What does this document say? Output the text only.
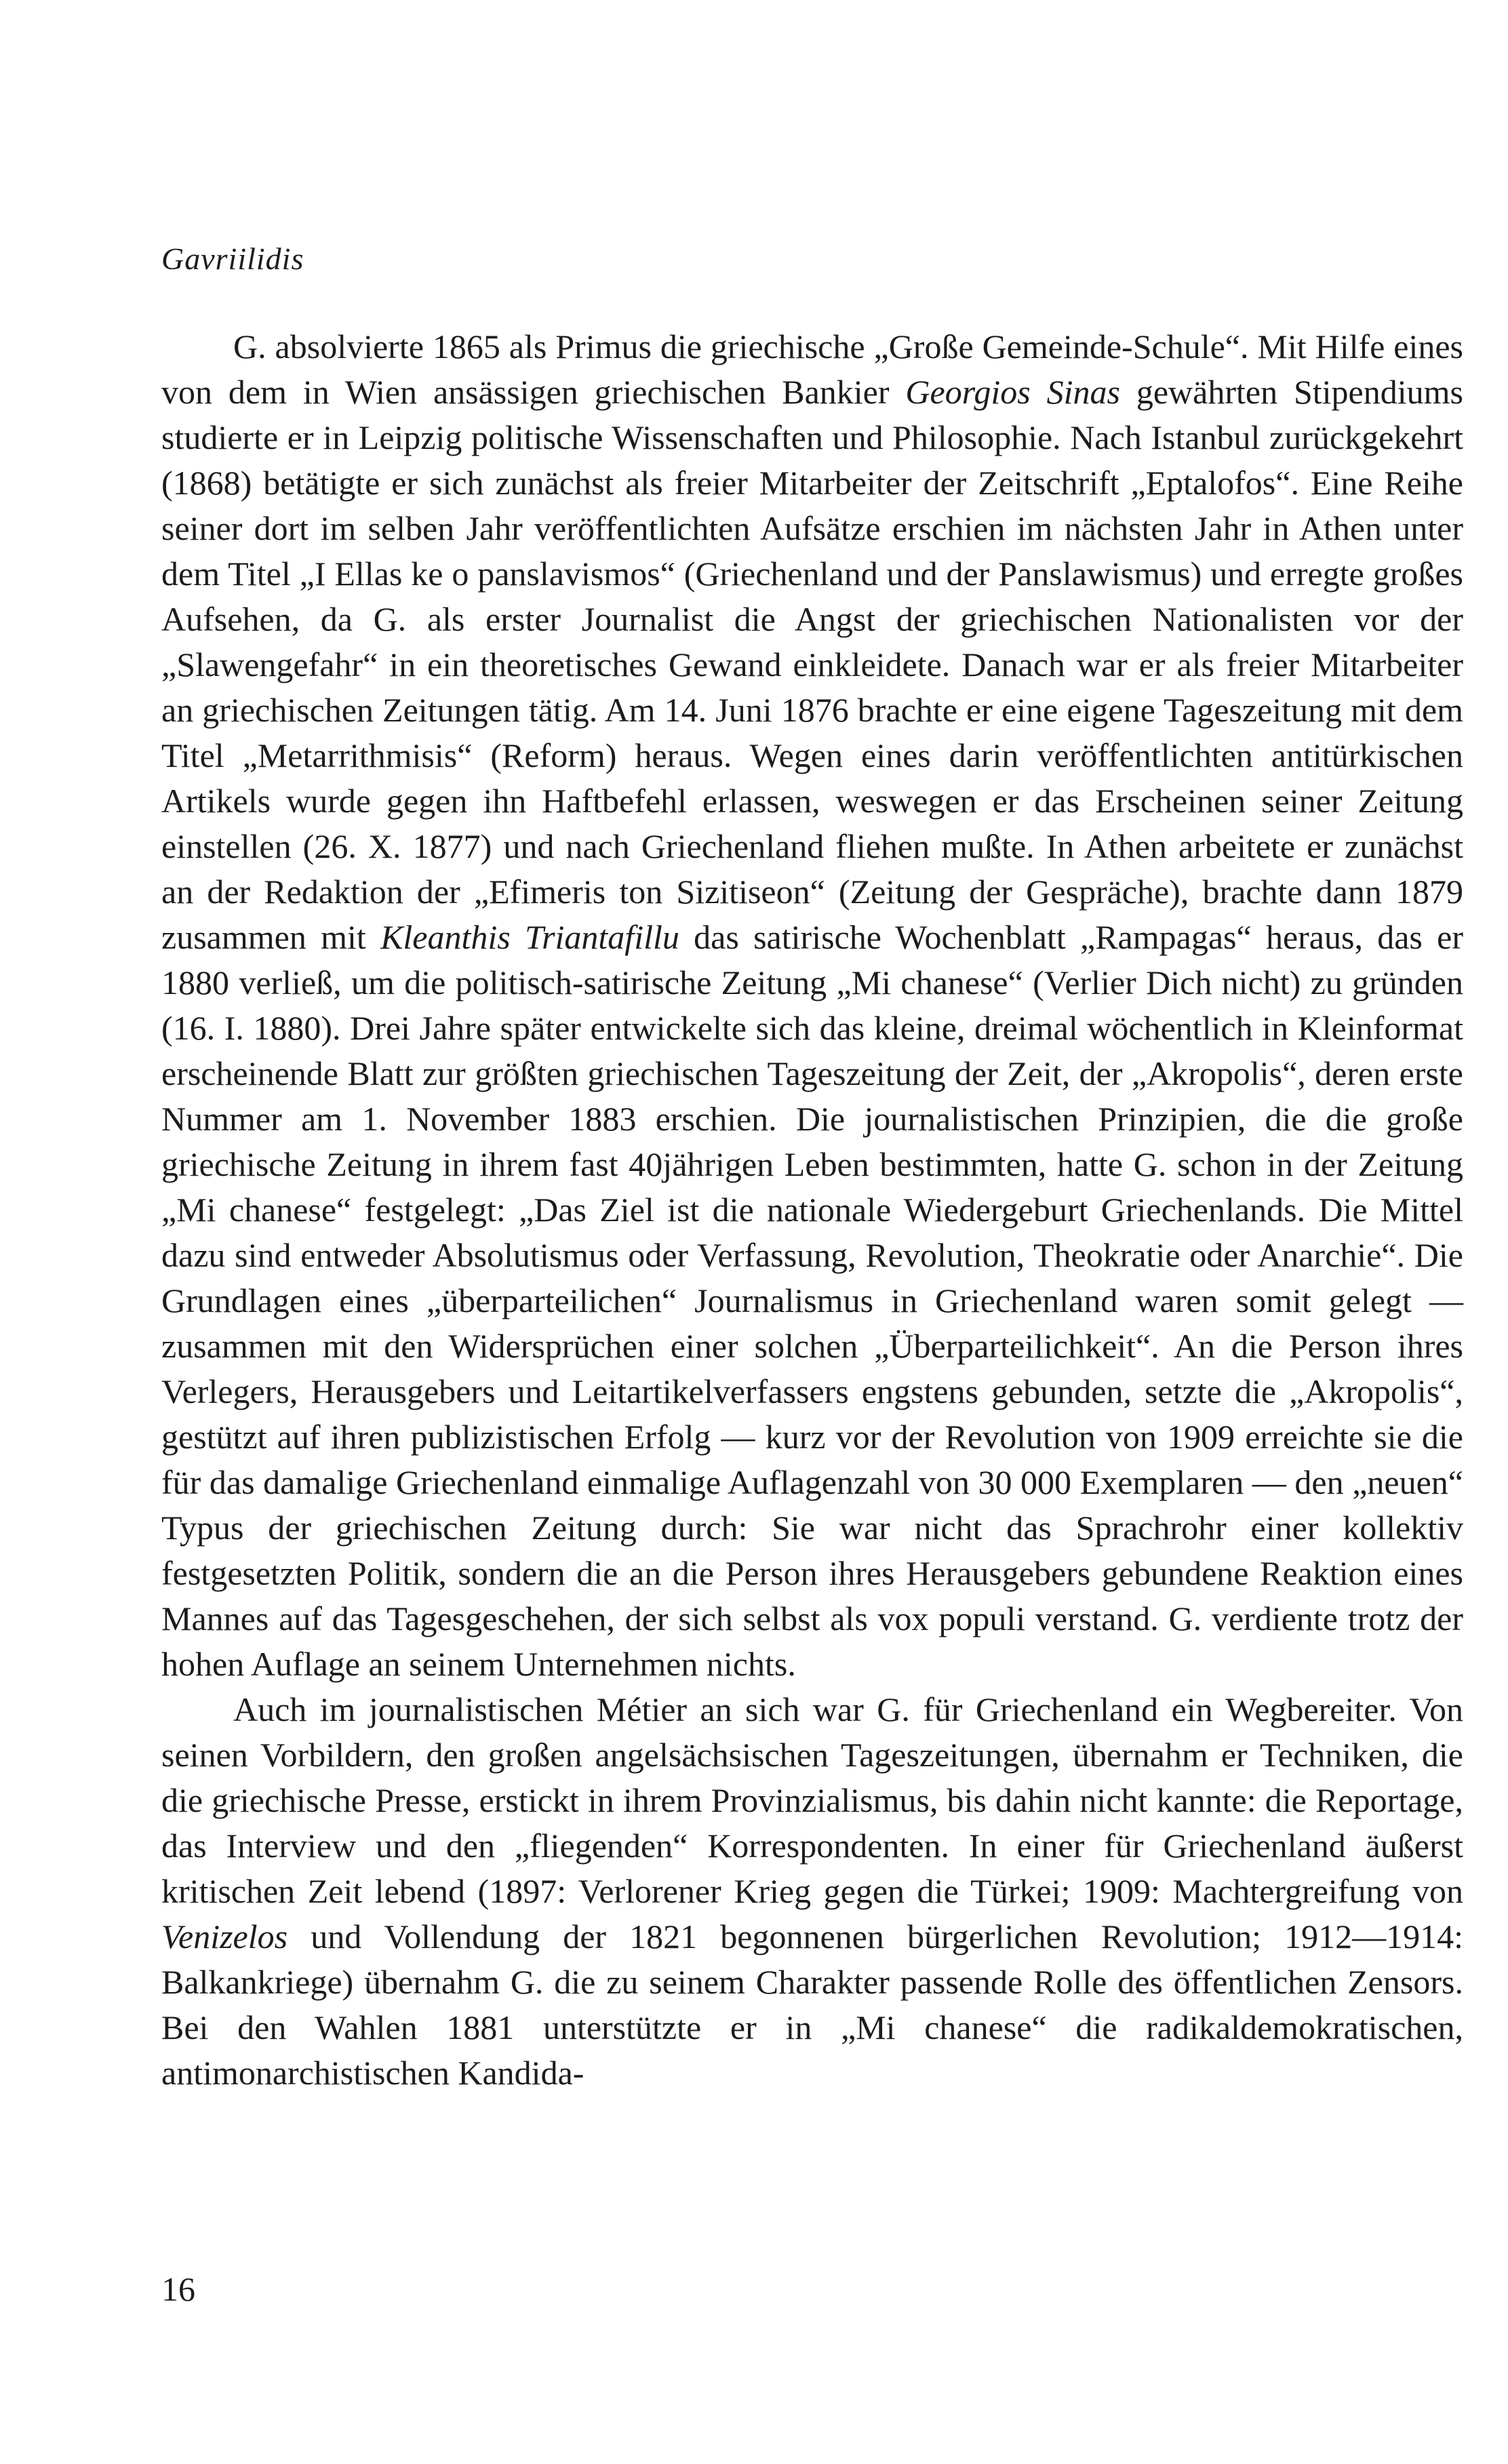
Gavriilidis

G. absolvierte 1865 als Primus die griechische „Große Gemeinde-Schule“. Mit Hilfe eines von dem in Wien ansässigen griechischen Bankier Georgios Sinas gewährten Stipendiums studierte er in Leipzig politische Wissenschaften und Philosophie. Nach Istanbul zurückgekehrt (1868) betätigte er sich zunächst als freier Mitarbeiter der Zeitschrift „Eptalofos“. Eine Reihe seiner dort im selben Jahr veröffentlichten Aufsätze erschien im nächsten Jahr in Athen unter dem Titel „I Ellas ke o panslavismos“ (Griechenland und der Panslawismus) und erregte großes Aufsehen, da G. als erster Journalist die Angst der griechischen Nationalisten vor der „Slawengefahr“ in ein theoretisches Gewand einkleidete. Danach war er als freier Mitarbeiter an griechischen Zeitungen tätig. Am 14. Juni 1876 brachte er eine eigene Tageszeitung mit dem Titel „Metarrithmisis“ (Reform) heraus. Wegen eines darin veröffentlichten antitürkischen Artikels wurde gegen ihn Haftbefehl erlassen, weswegen er das Erscheinen seiner Zeitung einstellen (26. X. 1877) und nach Griechenland fliehen mußte. In Athen arbeitete er zunächst an der Redaktion der „Efimeris ton Sizitiseon“ (Zeitung der Gespräche), brachte dann 1879 zusammen mit Kleanthis Triantafillu das satirische Wochenblatt „Rampagas“ heraus, das er 1880 verließ, um die politisch-satirische Zeitung „Mi chanese“ (Verlier Dich nicht) zu gründen (16. I. 1880). Drei Jahre später entwickelte sich das kleine, dreimal wöchentlich in Kleinformat erscheinende Blatt zur größten griechischen Tageszeitung der Zeit, der „Akropolis“, deren erste Nummer am 1. November 1883 erschien. Die journalistischen Prinzipien, die die große griechische Zeitung in ihrem fast 40jährigen Leben bestimmten, hatte G. schon in der Zeitung „Mi chanese“ festgelegt: „Das Ziel ist die nationale Wiedergeburt Griechenlands. Die Mittel dazu sind entweder Absolutismus oder Verfassung, Revolution, Theokratie oder Anarchie“. Die Grundlagen eines „überparteilichen“ Journalismus in Griechenland waren somit gelegt — zusammen mit den Widersprüchen einer solchen „Überparteilichkeit“. An die Person ihres Verlegers, Herausgebers und Leitartikelverfassers engstens gebunden, setzte die „Akropolis“, gestützt auf ihren publizistischen Erfolg — kurz vor der Revolution von 1909 erreichte sie die für das damalige Griechenland einmalige Auflagenzahl von 30 000 Exemplaren — den „neuen“ Typus der griechischen Zeitung durch: Sie war nicht das Sprachrohr einer kollektiv festgesetzten Politik, sondern die an die Person ihres Herausgebers gebundene Reaktion eines Mannes auf das Tagesgeschehen, der sich selbst als vox populi verstand. G. verdiente trotz der hohen Auflage an seinem Unternehmen nichts.

Auch im journalistischen Métier an sich war G. für Griechenland ein Wegbereiter. Von seinen Vorbildern, den großen angelsächsischen Tageszeitungen, übernahm er Techniken, die die griechische Presse, erstickt in ihrem Provinzialismus, bis dahin nicht kannte: die Reportage, das Interview und den „fliegenden“ Korrespondenten. In einer für Griechenland äußerst kritischen Zeit lebend (1897: Verlorener Krieg gegen die Türkei; 1909: Machtergreifung von Venizelos und Vollendung der 1821 begonnenen bürgerlichen Revolution; 1912—1914: Balkankriege) übernahm G. die zu seinem Charakter passende Rolle des öffentlichen Zensors. Bei den Wahlen 1881 unterstützte er in „Mi chanese“ die radikaldemokratischen, antimonarchistischen Kandida-

16
